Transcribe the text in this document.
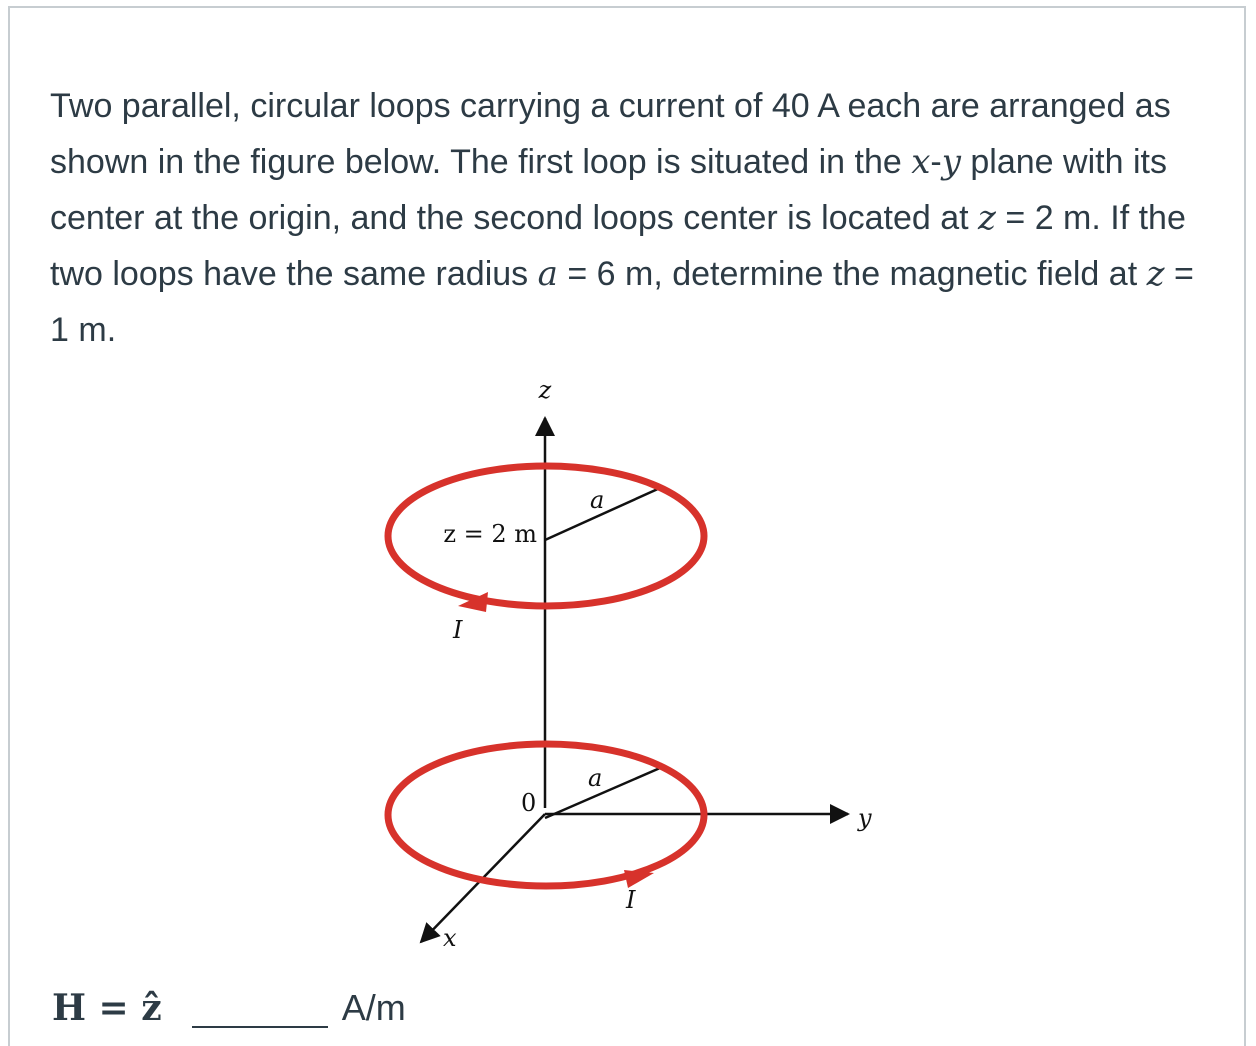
Two parallel, circular loops carrying a current of 40 A each are arranged as shown in the figure below. The first loop is situated in the x-y plane with its center at the origin, and the second loops center is located at z = 2 m. If the two loops have the same radius a = 6 m, determine the magnetic field at z = 1 m.

z
y
x
z = 2 m
a
a
0
I
I
H = ẑ	A/m
